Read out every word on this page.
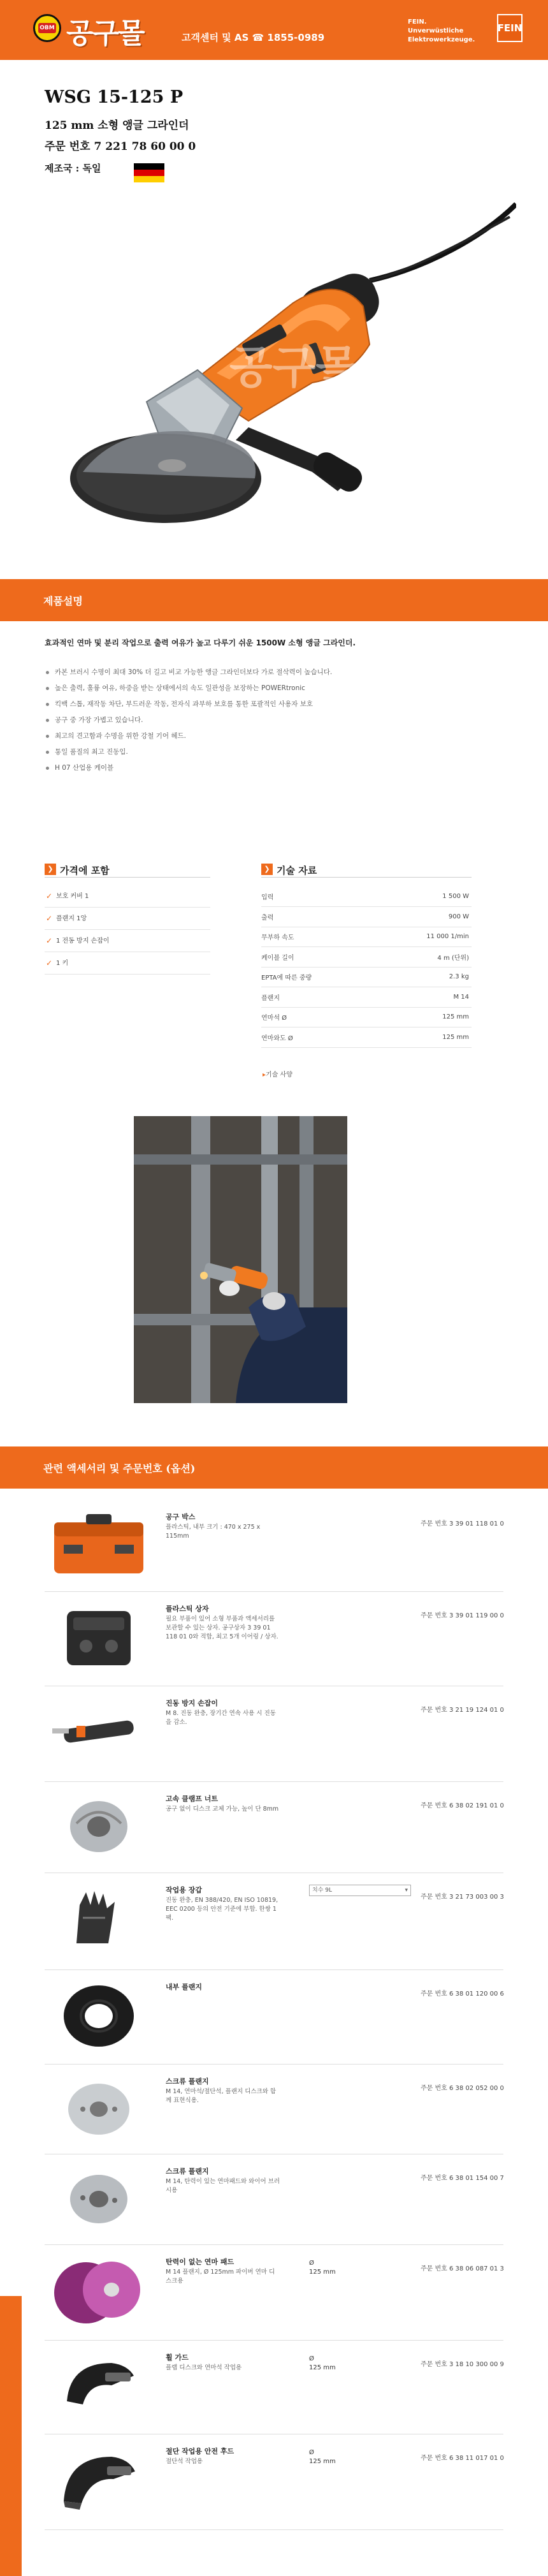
OBM 공구몰	고객센터 및 AS ☎ 1855-0989
FEIN. Unverwüstliche
Elektrowerkzeuge.
FEIN
WSG 15-125 P
125 mm 소형 앵글 그라인더
주문 번호 7 221 78 60 00 0
제조국 : 독일
공구몰
제품설명
효과적인 연마 및 분리 작업으로 출력 여유가 높고 다루기 쉬운 1500W 소형 앵글 그라인더.
카본 브러시 수명이 최대 30% 더 길고 비교 가능한 앵글 그라인더보다 가로 절삭력이 높습니다.
높은 출력, 훌륭 여유, 하중을 받는 상태에서의 속도 일관성을 보장하는 POWERtronic
킥백 스톱, 재작동 차단, 부드러운 작동, 전자식 과부하 보호를 통한 포괄적인 사용자 보호
공구 중 가장 가볍고 있습니다.
최고의 견고함과 수명을 위한 강철 기어 헤드.
통일 품질의 최고 진동입.
H 07 산업용 케이블
❯ 가격에 포함
✓ 보호 커버 1
✓ 플랜지 1앙
✓ 1 전동 방지 손잡이
✓ 1 키
❯ 기술 자료
입력	1 500 W
출력	900 W
무부하 속도	11 000 1/min
케이블 길이	4 m (단위)
EPTA에 따른 중량	2.3 kg
플랜지	M 14
연마석 Ø	125 mm
연마와도 Ø	125 mm
▸ 기술 사양
관련 액세서리 및 주문번호 (옵션)
공구 박스
플라스틱, 내부 크기 : 470 x 275 x 115mm
주문 번호 3 39 01 118 01 0
플라스틱 상자
필요 부품이 있어 소형 부품과 액세서리를 보관할 수 있는 상자. 공구상자 3 39 01 118 01 0와 적합, 최고 5개 이어링 / 상자.
주문 번호 3 39 01 119 00 0
진동 방지 손잡이
M 8. 진동 완충, 장기간 연속 사용 시 진동을 감소.
주문 번호 3 21 19 124 01 0
고속 클램프 너트
공구 없이 디스크 교체 가능, 높이 단 8mm	주문 번호 6 38 02 191 01 0
작업용 장갑
진동 완충, EN 388/420, EN ISO 10819, EEC 0200 등의 안전 기준에 부합. 한쌍 1팩.
치수 9L ▾
주문 번호 3 21 73 003 00 3
내부 플랜지
주문 번호 6 38 01 120 00 6
스크류 플랜지
M 14, 연마석/절단석, 플랜지 디스크와 함께 표현식용.
주문 번호 6 38 02 052 00 0
스크류 플랜지
M 14, 탄력이 있는 연마패드와 와이어 브러시용
주문 번호 6 38 01 154 00 7
탄력이 없는 연마 패드
M 14 플랜지, Ø 125mm 파이버 연마 디스크용
Ø
125 mm	주문 번호 6 38 06 087 01 3
휠 가드
플랩 디스크와 연마석 작업용
Ø
125 mm	주문 번호 3 18 10 300 00 9
절단 작업용 안전 후드
절단석 작업용
Ø
125 mm	주문 번호 6 38 11 017 01 0
